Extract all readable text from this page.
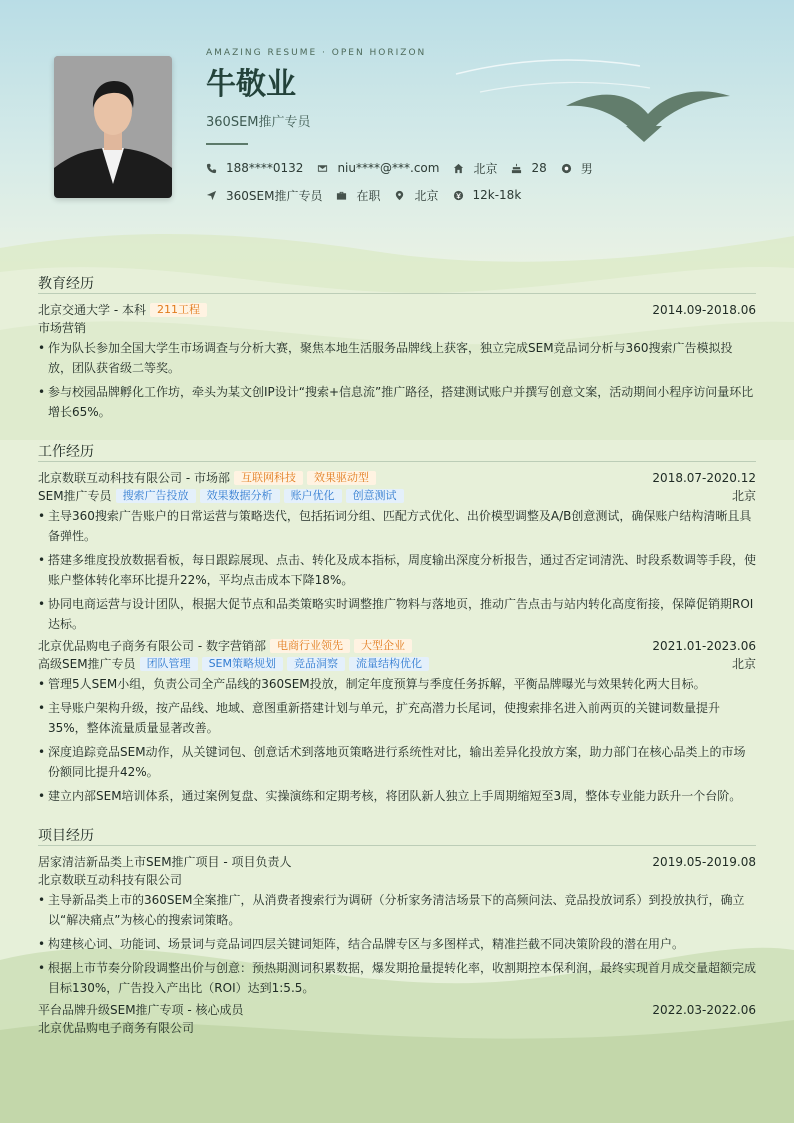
AMAZING RESUME · OPEN HORIZON
牛敬业
360SEM推广专员
188****0132	niu****@***.com	北京	28	男
360SEM推广专员	在职	北京	12k-18k
教育经历
北京交通大学 - 本科 211工程	2014.09-2018.06
市场营销
• 作为队长参加全国大学生市场调查与分析大赛，聚焦本地生活服务品牌线上获客，独立完成SEM竞品词分析与360搜索广告模拟投放，团队获省级二等奖。
• 参与校园品牌孵化工作坊，牵头为某文创IP设计“搜索+信息流”推广路径，搭建测试账户并撰写创意文案，活动期间小程序访问量环比增长65%。
工作经历
北京数联互动科技有限公司 - 市场部 互联网科技 效果驱动型	2018.07-2020.12
SEM推广专员 搜索广告投放 效果数据分析 账户优化 创意测试	北京
• 主导360搜索广告账户的日常运营与策略迭代，包括拓词分组、匹配方式优化、出价模型调整及A/B创意测试，确保账户结构清晰且具备弹性。
• 搭建多维度投放数据看板，每日跟踪展现、点击、转化及成本指标，周度输出深度分析报告，通过否定词清洗、时段系数调等手段，使账户整体转化率环比提升22%，平均点击成本下降18%。
• 协同电商运营与设计团队，根据大促节点和品类策略实时调整推广物料与落地页，推动广告点击与站内转化高度衔接，保障促销期ROI达标。
北京优品购电子商务有限公司 - 数字营销部 电商行业领先 大型企业	2021.01-2023.06
高级SEM推广专员 团队管理 SEM策略规划 竞品洞察 流量结构优化	北京
• 管理5人SEM小组，负责公司全产品线的360SEM投放，制定年度预算与季度任务拆解，平衡品牌曝光与效果转化两大目标。
• 主导账户架构升级，按产品线、地域、意图重新搭建计划与单元，扩充高潜力长尾词，使搜索排名进入前两页的关键词数量提升35%，整体流量质量显著改善。
• 深度追踪竞品SEM动作，从关键词包、创意话术到落地页策略进行系统性对比，输出差异化投放方案，助力部门在核心品类上的市场份额同比提升42%。
• 建立内部SEM培训体系，通过案例复盘、实操演练和定期考核，将团队新人独立上手周期缩短至3周，整体专业能力跃升一个台阶。
项目经历
居家清洁新品类上市SEM推广项目 - 项目负责人	2019.05-2019.08
北京数联互动科技有限公司
• 主导新品类上市的360SEM全案推广，从消费者搜索行为调研（分析家务清洁场景下的高频问法、竞品投放词系）到投放执行，确立以“解决痛点”为核心的搜索词策略。
• 构建核心词、功能词、场景词与竞品词四层关键词矩阵，结合品牌专区与多图样式，精准拦截不同决策阶段的潜在用户。
• 根据上市节奏分阶段调整出价与创意：预热期测词积累数据，爆发期抢量提转化率，收割期控本保利润，最终实现首月成交量超额完成目标130%，广告投入产出比（ROI）达到1:5.5。
平台品牌升级SEM推广专项 - 核心成员	2022.03-2022.06
北京优品购电子商务有限公司
